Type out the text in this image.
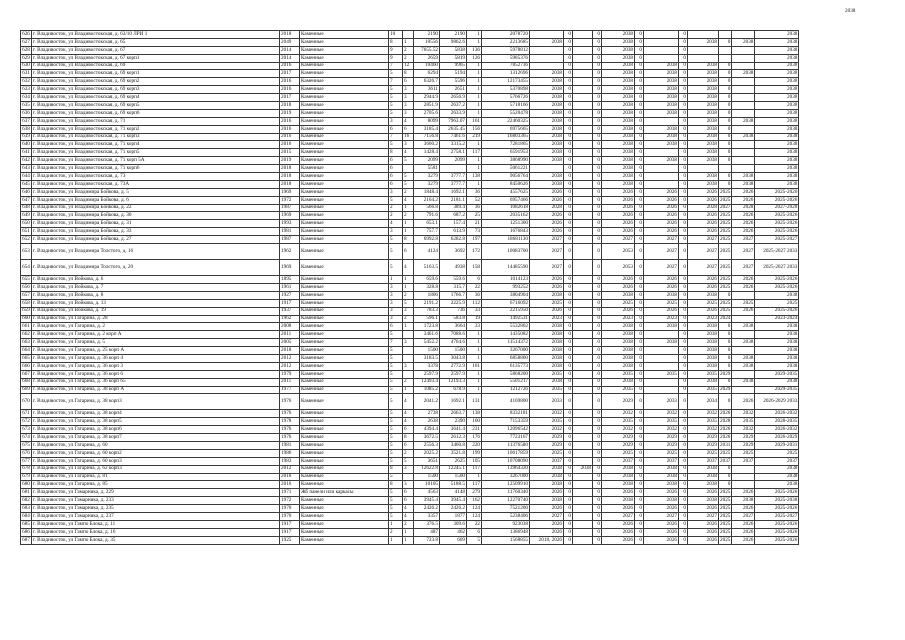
626	г. Владивосток, ул Владивостокская, д. 63/10 ЛРИ 1	2018	Каменные	10		2190	2190	1	2078720		0		0	2038	0		0				2038
627	г. Владивосток, ул Владивостокская, д. 65	2049	Каменные	8	1	10556	9862.6	1	2213685	2038	0		0	2038	0		0	2038	0	2038	2038
628	г. Владивосток, ул Владивостокская, д. 67	2014	Каменные	9	2	7655.52	5838	136	5978812		0		0	2038	0		0				2038
629	г. Владивосток, ул Владивостокская, д. 67 корп1	2014	Каменные	9	2	2659	5819	126	5985376		0		0	2038	0		0				2038
630	г. Владивосток, ул Владивостокская, д. 69	2016	Каменные	7	12	10460	9965	1	7852736		0		0	2038	0	2038	0	2038	0		2038
631	г. Владивосток, ул Владивостокская, д. 69 корп1	2017	Каменные	5	8	6294	5194	1	1312696	2038	0		0	2038	0	2038	0	2038	0	2038	2038
632	г. Владивосток, ул Владивостокская, д. 69 корп2	2016	Каменные	7	6	6326.7	5596	1	12173455	2038	0		0	2038	0	2038	0	2038	0		2038
633	г. Владивосток, ул Владивостокская, д. 69 корп3	2016	Каменные	5	3	3611	2651	1	5370898	2038	0		0	2038	0	2038	0	2038	0		2038
634	г. Владивосток, ул Владивостокская, д. 69 корп4	2017	Каменные	5	3	2944.9	2656.9	1	5766726	2038	0		0	2038	0	2038	0	2038	0		2038
635	г. Владивосток, ул Владивостокская, д. 69 корп5	2018	Каменные	5	3	2851.9	2637.2	1	5718166	2038	0		0	2038	0	2038	0	2038	0		2038
636	г. Владивосток, ул Владивостокская, д. 69 корп6	2019	Каменные	5	3	2705.6	2633.9	1	5520478	2038	0		0	2038	0	2038	0	2038	0		2038
637	г. Владивосток, ул Владивостокская, д. 71	2016	Каменные	3	4	8099	7963.07	161	22460325	2038	0		0	2038	0		0	2038	0	2038	2038
638	г. Владивосток, ул Владивостокская, д. 71 корп2	2016	Каменные	6	6	3185.4	2635.45	156	6975665	2038	0		0	2038	0	2038	0	2038	0		2038
639	г. Владивосток, ул Владивостокская, д. 71 корп3	2016	Каменные	7	16	7156.8	7461.6	219	16803365	2038	0		0	2038	0	2038	0	2038	0	2038	2038
640	г. Владивосток, ул Владивостокская, д. 71 корп4	2016	Каменные	5	3	3660.2	3315.2	1	7281865	2038	0		0	2038	0	2038	0	2038	0		2038
641	г. Владивосток, ул Владивостокская, д. 71 корп5	2015	Каменные	8	4	1428.4	2758.1	117	6591953	2038	0		0	2038	0		0	2038	0		2038
642	г. Владивосток, ул Владивостокская, д. 71 корп 5А	2019	Каменные	6	5	2099	2099	1	3868990	2038	0		0	2038	0	2038	0	2038	0		2038
643	г. Владивосток, ул Владивостокская, д. 71 корп6	2018	Каменные	6		5581		1	5061221		0		0	2038	0		0				2038
644	г. Владивосток, ул Владивостокская, д. 73	2018	Каменные	6	5	3279	3777.7	138	9056764	2038	0		0	2038	0		0	2038	0	2038	2038
645	г. Владивосток, ул Владивостокская, д. 73А	2018	Каменные	6	5	3279	3777.7	1	8450626	2038	0		0	2038	0		0	2038	0	2038	2038
646	г. Владивосток, ул Владимира Бойкова, д. 5	1969	Каменные	3	2	1848.4	1692.1	36	4557625	2026	0		0	2026	0	2026	0	2026	2025	2026	2025-2026
647	г. Владивосток, ул Владимира Бойкова, д. 6	1972	Каменные	5	4	2164.2	2181.1	52	6957466	2026	0		0	2026	0	2026	0	2026	2025	2026	2025-2026
648	г. Владивосток, ул Владимира Бойкова, д. 22	1987	Каменные	2	1	566.8	389.4	36	1082618	2028	0		0	2026	0	2026	0	2028	2027	2028	2027-2028
649	г. Владивосток, ул Владимира Бойкова, д. 30	1969	Каменные	2	2	791.6	687.2	25	2035162	2026	0		0	2026	0	2026	0	2026	2025	2026	2025-2026
650	г. Владивосток, ул Владимира Бойкова, д. 31	1993	Каменные	4	1	653.1	157.4	21	1251300	2026	0		0	2026	0	2026	0	2026	2025	2026	2025-2026
651	г. Владивосток, ул Владимира Бойкова, д. 33	1981	Каменные	3	1	757.7	613.9	73	1676843	2026	0		0	2026	0	2026	0	2026	2025	2026	2025-2026
652	г. Владивосток, ул Владимира Бойкова, д. 27	1987	Каменные	5	8	6992.8	6282.8	197	18681130	2027	0		0	2027	0	2027	0	2027	2025	2027	2025-2027
653	г. Владивосток, ул Владимира Толстого, д. 16	1962	Каменные	5	6	4124	3692	172	10083700	2027	0		0	2053	0	2027	0	2027	2025	2027	2025-2027 2033
654	г. Владивосток, ул Владимира Толстого, д. 20	1969	Каменные	5	4	5163.5	4938	158	14485590	2027	0		0	2053	0	2027	0	2027	2025	2027	2025-2027 2033
655	г. Владивосток, ул Войкова, д. 6	1895	Каменные	1	1	659.6	559.6	6	1014123	2026	0		0	2026	0	2026	0	2026	2025	2026	2025-2026
656	г. Владивосток, ул Войкова, д. 7	1961	Каменные	3	1	328.8	315.7	22	993252	2026	0		0	2026	0	2026	0	2026	2025	2026	2025-2026
657	г. Владивосток, ул Войкова, д. 8	1927	Каменные	3	2	1806	1766.7	36	3804904	2038	0		0	2038	0	2038	0	2038	0		2038
658	г. Владивосток, ул Войкова, д. 13	1917	Каменные	3	5	2191.2	2225.9	112	6716092	2025	0		0	2025	0	2025	0	2025	2025	2025	2025
659	г. Владивосток, ул Войкова, д. 19	1937	Каменные	3	3	783.3	736	33	2215950	2026	0		0	2026	0	2026	0	2026	2025	2026	2025-2026
660	г. Владивосток, ул Гагарина, д. 28	1962	Каменные	3	2	596.1	583.8	19	1492531	2023	0		0	2023	0	2023	0	2023	2024		2023-2024
661	г. Владивосток, ул Гагарина, д. 2	2008	Каменные	6	1	1723.8	3664	33	5532802	2038	0		0	2038	0	2038	0	2038	0	2038	2038
662	г. Владивосток, ул Гагарина, д. 2 корп А	2011	Каменные	5		3461.6	7088.6	1	1435082	2038	0		0	2038	0		0	2038	0		2038
663	г. Владивосток, ул Гагарина, д. 5	2005	Каменные	7	3	5452.2	4764.6	1	11514372	2038	0		0	2038	0	2038	0	2038	0	2038	2038
664	г. Владивосток, ул Гагарина, д. 25 корп А	2018	Каменные	5		1500	1500	1	3267000	2038	0		0	2038	0		0	2038	0		2038
665	г. Владивосток, ул Гагарина, д. 36 корп 4	2012	Каменные	5		3183.5	3043.8	1	6858800	2038	0		0	2038	0		0	2038	0	2038	2038
666	г. Владивосток, ул Гагарина, д. 36 корп 3	2012	Каменные	5	3	3378	2772.9	161	6135773	2038	0		0	2038	0		0	2038	0	2038	2038
667	г. Владивосток, ул Гагарина, д. 36 корп 6	1979	Каменные	5		2597.9	2597.9	1	5868200	2035	0		0	2035	0	2035	0	2035	2029		2029-2035
668	г. Владивосток, ул Гагарина, д. 36 корп 65	2011	Каменные	5	2	12493.4	12193.3	1	5501217	2038	0		0	2038	0		0	2038	0	2038	2038
669	г. Владивосток, ул Гагарина, д. 38 корп А	1977	Каменные	5	1	1085.2	678.9	1	1212726	2035	0		0	2035	0		0	2035	2029		2029-2035
670	г. Владивосток, ул Гагарина, д. 38 корп3	1976	Каменные	5	4	2041.2	1692.1	131	4169800	2033	0		0	2029	0	2033	0	2034	0	2026	2026-2029 2033
671	г. Владивосток, ул Гагарина, д. 38 корп4	1976	Каменные	5	4	2738	2663.7	138	8332181	2032	0		0	2032	0	2032	0	2032	2026	2032	2026-2032
672	г. Владивосток, ул Гагарина, д. 38 корп5	1978	Каменные	5	4	2638	2390	160	7153359	2035	0		0	2035	0	2035	0	2035	2028	2035	2028-2035
673	г. Владивосток, ул Гагарина, д. 38 корп6	1976	Каменные	5	6	4394.4	3641.4	231	12096542	2032	0		0	2032	0	2032	0	2032	2026	2032	2026-2032
674	г. Владивосток, ул Гагарина, д. 38 корп7	1976	Каменные	5	8	3672.5	2612.3	176	7723167	2029	0		0	2029	0	2029	0	2029	2026	2029	2026-2029
675	г. Владивосток, ул Гагарина, д. 60	1981	Каменные	5	6	2556.3	3460.8	220	11376580	2029	0		0	2029	0	2029	0	2029	2031	2029	2029-2031
676	г. Владивосток, ул Гагарина, д. 60 корп2	1986	Каменные	5	2	2025.2	3521.8	199	10617859	2025	0		0	2025	0	2025	0	2025	2025	2025	2025
677	г. Владивосток, ул Гагарина, д. 60 корп3	1983	Каменные	5	5	3651	2625	105	10708090	2037	0		0	2037	0	2037	0	2037	2037	2037	2037
678	г. Владивосток, ул Гагарина, д. 62 корп3	2012	Каменные	8	3	12622.8	12245.1	117	13964320	2038	0	2038	0	2038	0	2038	0	2038	0		2038
679	г. Владивосток, ул Гагарина, д. 81	2018	Каменные	5		1500	1500	1	3267000	2038	0		0	2038	0	2038	0	2038	0		2038
680	г. Владивосток, ул Гагарина, д. 85	2016	Каменные	8	3	10105	5188.5	117	12509910	2038	0		0	2038	0	2038	0	2038	0		2038
681	г. Владивосток, ул Гамарника, д. 229	1971	Жб панели или каркасы	5	6	4563	4148	279	11760340	2026	0		0	2026	0	2026	0	2026	2025	2026	2025-2026
682	г. Владивосток, ул Гамарника, д. 233	1972	Каменные	5	6	3945.4	3945.4	162	12270740	2038	0		0	2038	0	2038	0	2038	2025	2038	2025-2038
683	г. Владивосток, ул Гамарника, д. 235	1970	Каменные	5	4	2426.2	2426.2	124	7521200	2026	0		0	2026	0	2026	0	2026	2025	2026	2025-2026
684	г. Владивосток, ул Гамарника, д. 237	1970	Каменные	5	4	3357	1877	124	5238406	2027	0		0	2027	0	2027	0	2027	2025	2027	2025-2027
685	г. Владивосток, ул Гампо Блока, д. 11	1917	Каменные	1	2	376.5	309.6	22	923038	2026	0		0	2026	0	2026	0	2026	2025	2026	2025-2026
686	г. Владивосток, ул Гампо Блока, д. 16	1917	Каменные	2	1	487	462	6	1386948	2026	0		0	2026	0	2026	0	2026	2025	2026	2025-2026
687	г. Владивосток, ул Гампо Блока, д. 35	1925	Каменные	1	1	723.8	609	5	1568855	2018, 2026	0		0	2026	0	2026	0	2026	2025	2026	2025-2026
2038
